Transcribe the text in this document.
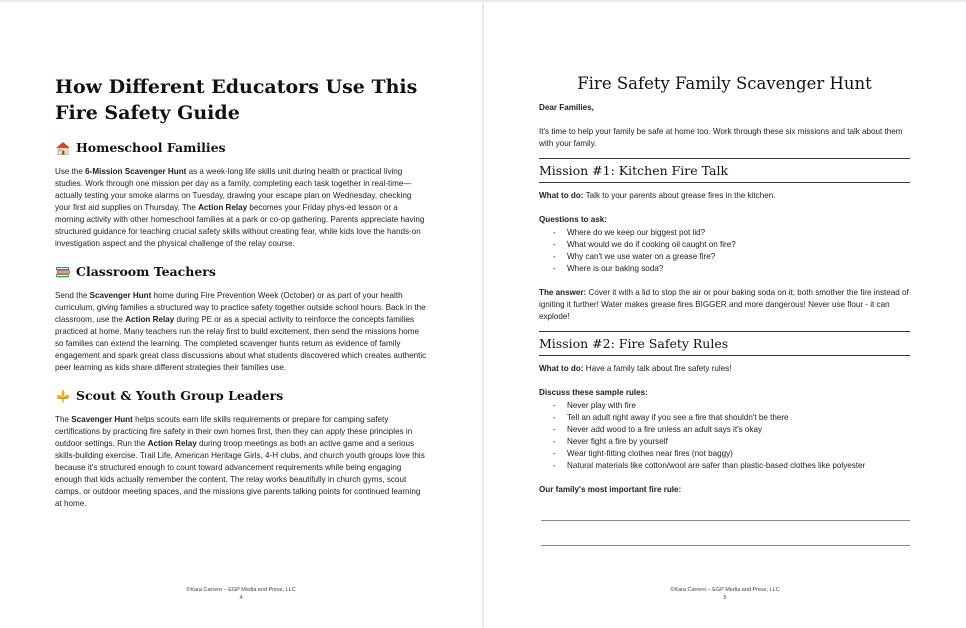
How Different Educators Use This Fire Safety Guide
Homeschool Families

Use the 6-Mission Scavenger Hunt as a week-long life skills unit during health or practical living studies. Work through one mission per day as a family, completing each task together in real-time—actually testing your smoke alarms on Tuesday, drawing your escape plan on Wednesday, checking your first aid supplies on Thursday. The Action Relay becomes your Friday phys-ed lesson or a morning activity with other homeschool families at a park or co-op gathering. Parents appreciate having structured guidance for teaching crucial safety skills without creating fear, while kids love the hands-on investigation aspect and the physical challenge of the relay course.

Classroom Teachers

Send the Scavenger Hunt home during Fire Prevention Week (October) or as part of your health curriculum, giving families a structured way to practice safety together outside school hours. Back in the classroom, use the Action Relay during PE or as a special activity to reinforce the concepts families practiced at home. Many teachers run the relay first to build excitement, then send the missions home so families can extend the learning. The completed scavenger hunts return as evidence of family engagement and spark great class discussions about what students discovered which creates authentic peer learning as kids share different strategies their families use.

Scout & Youth Group Leaders

The Scavenger Hunt helps scouts earn life skills requirements or prepare for camping safety certifications by practicing fire safety in their own homes first, then they can apply these principles in outdoor settings. Run the Action Relay during troop meetings as both an active game and a serious skills-building exercise. Trail Life, American Heritage Girls, 4-H clubs, and church youth groups love this because it's structured enough to count toward advancement requirements while being engaging enough that kids actually remember the content. The relay works beautifully in church gyms, scout camps, or outdoor meeting spaces, and the missions give parents talking points for continued learning at home.

©Kara Carrero – EGP Media and Press, LLC
4
Fire Safety Family Scavenger Hunt

Dear Families,

It's time to help your family be safe at home too. Work through these six missions and talk about them with your family.

Mission #1: Kitchen Fire Talk

What to do: Talk to your parents about grease fires in the kitchen.

Questions to ask:

- Where do we keep our biggest pot lid?
- What would we do if cooking oil caught on fire?
- Why can't we use water on a grease fire?
- Where is our baking soda?

The answer: Cover it with a lid to stop the air or pour baking soda on it; both smother the fire instead of igniting it further! Water makes grease fires BIGGER and more dangerous! Never use flour - it can explode!

Mission #2: Fire Safety Rules

What to do: Have a family talk about fire safety rules!

Discuss these sample rules:

- Never play with fire
- Tell an adult right away if you see a fire that shouldn't be there
- Never add wood to a fire unless an adult says it's okay
- Never fight a fire by yourself
- Wear tight-fitting clothes near fires (not baggy)
- Natural materials like cotton/wool are safer than plastic-based clothes like polyester

Our family's most important fire rule:

©Kara Carrero – EGP Media and Press, LLC
5
